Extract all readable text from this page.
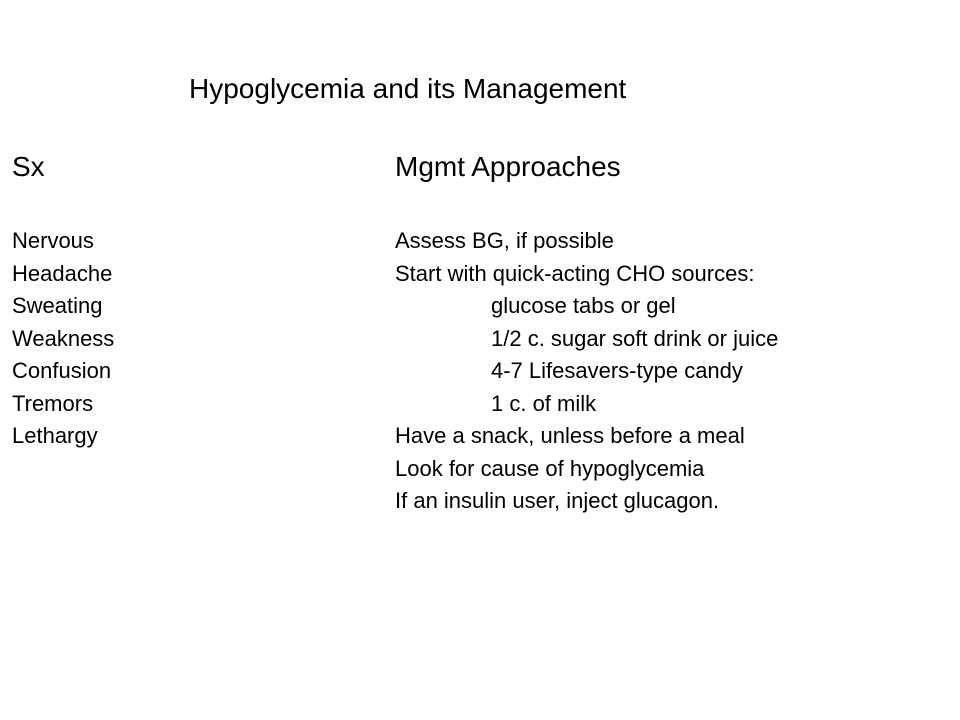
Hypoglycemia and its Management
Sx	Mgmt Approaches
Nervous
Headache
Sweating
Weakness
Confusion
Tremors
Lethargy
Assess BG, if possible
Start with quick-acting CHO sources:
glucose tabs or gel
1/2 c. sugar soft drink or juice
4-7 Lifesavers-type candy
1 c. of milk
Have a snack, unless before a meal
Look for cause of hypoglycemia
If an insulin user, inject glucagon.
